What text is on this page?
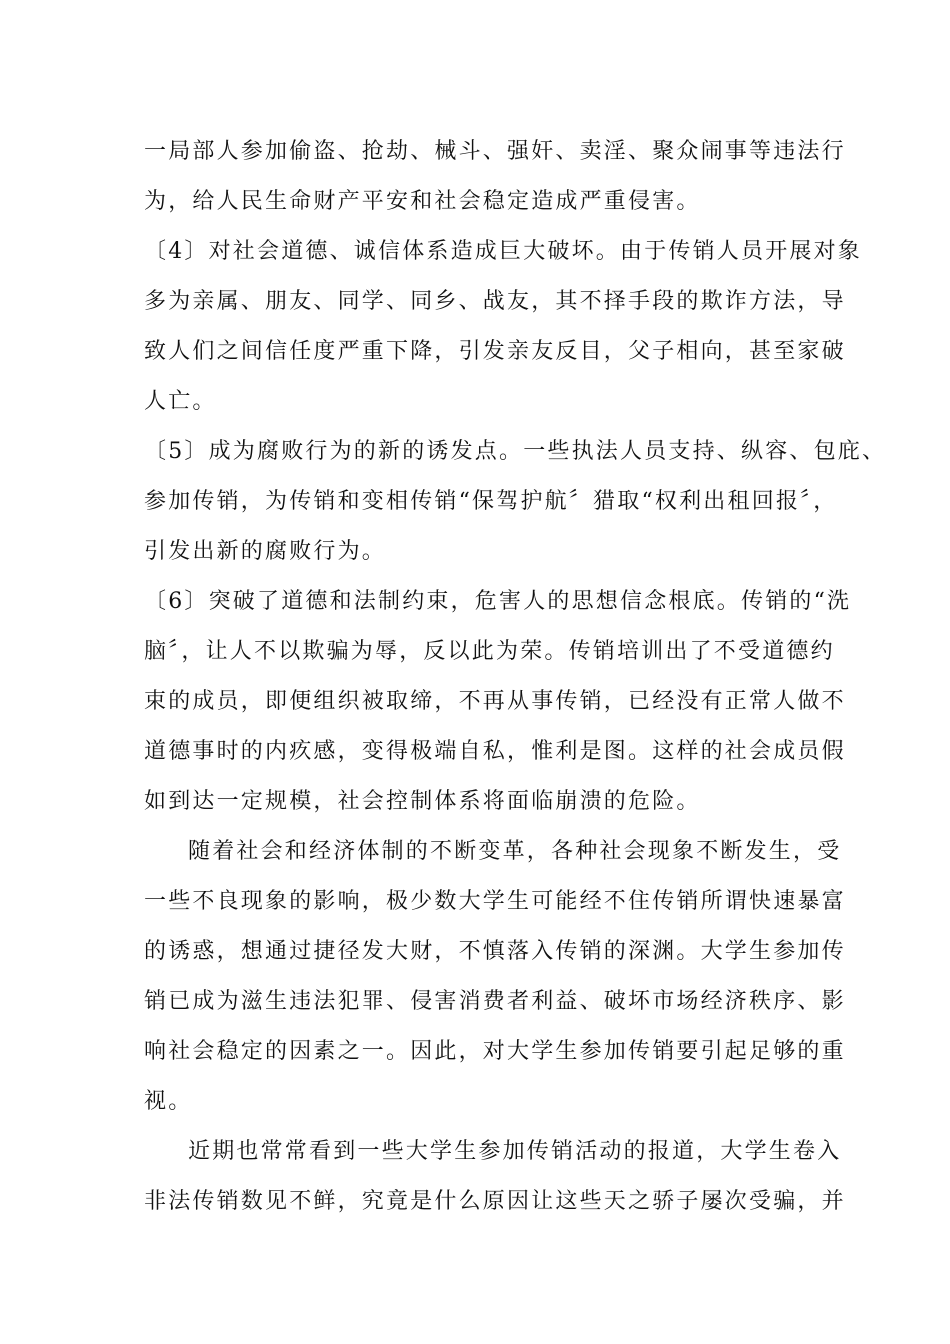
一局部人参加偷盗、抢劫、械斗、强奸、卖淫、聚众闹事等违法行
为，给人民生命财产平安和社会稳定造成严重侵害。
〔4〕对社会道德、诚信体系造成巨大破坏。由于传销人员开展对象
多为亲属、朋友、同学、同乡、战友，其不择手段的欺诈方法，导
致人们之间信任度严重下降，引发亲友反目，父子相向，甚至家破
人亡。
〔5〕成为腐败行为的新的诱发点。一些执法人员支持、纵容、包庇、
参加传销，为传销和变相传销“保驾护航〞猎取“权利出租回报〞，
引发出新的腐败行为。
〔6〕突破了道德和法制约束，危害人的思想信念根底。传销的“洗
脑〞，让人不以欺骗为辱，反以此为荣。传销培训出了不受道德约
束的成员，即便组织被取缔，不再从事传销，已经没有正常人做不
道德事时的内疚感，变得极端自私，惟利是图。这样的社会成员假
如到达一定规模，社会控制体系将面临崩溃的危险。
随着社会和经济体制的不断变革，各种社会现象不断发生，受
一些不良现象的影响，极少数大学生可能经不住传销所谓快速暴富
的诱惑，想通过捷径发大财，不慎落入传销的深渊。大学生参加传
销已成为滋生违法犯罪、侵害消费者利益、破坏市场经济秩序、影
响社会稳定的因素之一。因此，对大学生参加传销要引起足够的重
视。
近期也常常看到一些大学生参加传销活动的报道，大学生卷入
非法传销数见不鲜，究竟是什么原因让这些天之骄子屡次受骗，并
